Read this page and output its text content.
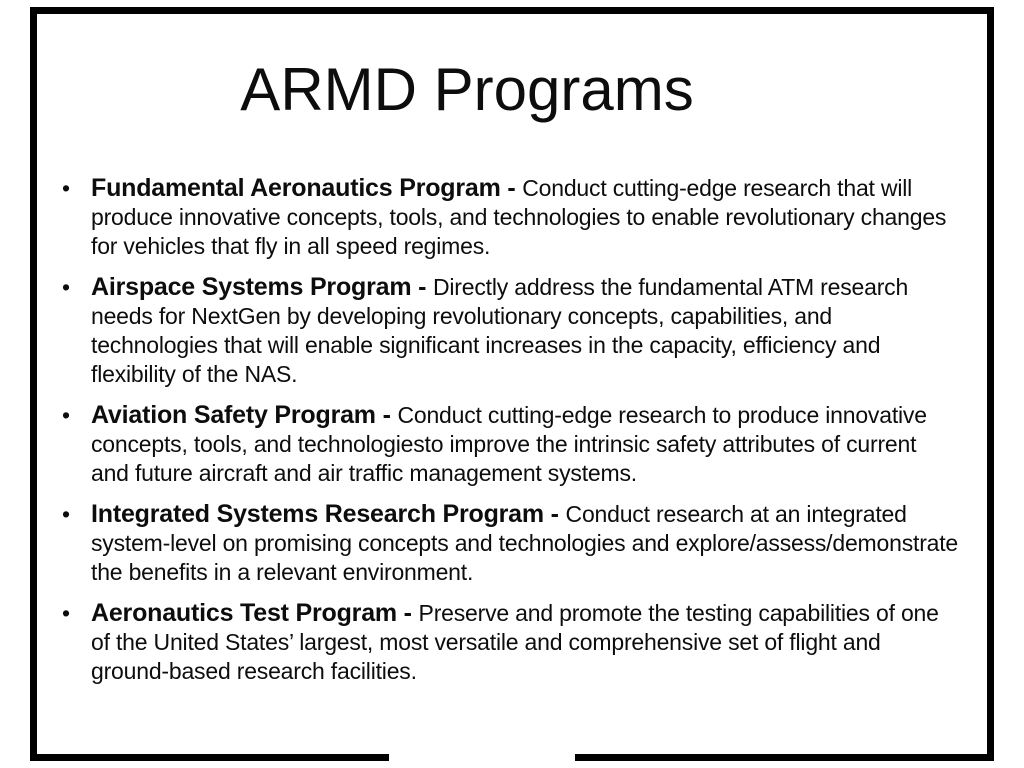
ARMD Programs
• Fundamental Aeronautics Program - Conduct cutting-edge research that will produce innovative concepts, tools, and technologies to enable revolutionary changes for vehicles that fly in all speed regimes.
• Airspace Systems Program - Directly address the fundamental ATM research needs for NextGen by developing revolutionary concepts, capabilities, and technologies that will enable significant increases in the capacity, efficiency and flexibility of the NAS.
• Aviation Safety Program - Conduct cutting-edge research to produce innovative concepts, tools, and technologiesto improve the intrinsic safety attributes of current and future aircraft and air traffic management systems.
• Integrated Systems Research Program - Conduct research at an integrated system-level on promising concepts and technologies and explore/assess/demonstrate the benefits in a relevant environment.
• Aeronautics Test Program - Preserve and promote the testing capabilities of one of the United States’ largest, most versatile and comprehensive set of flight and ground-based research facilities.
